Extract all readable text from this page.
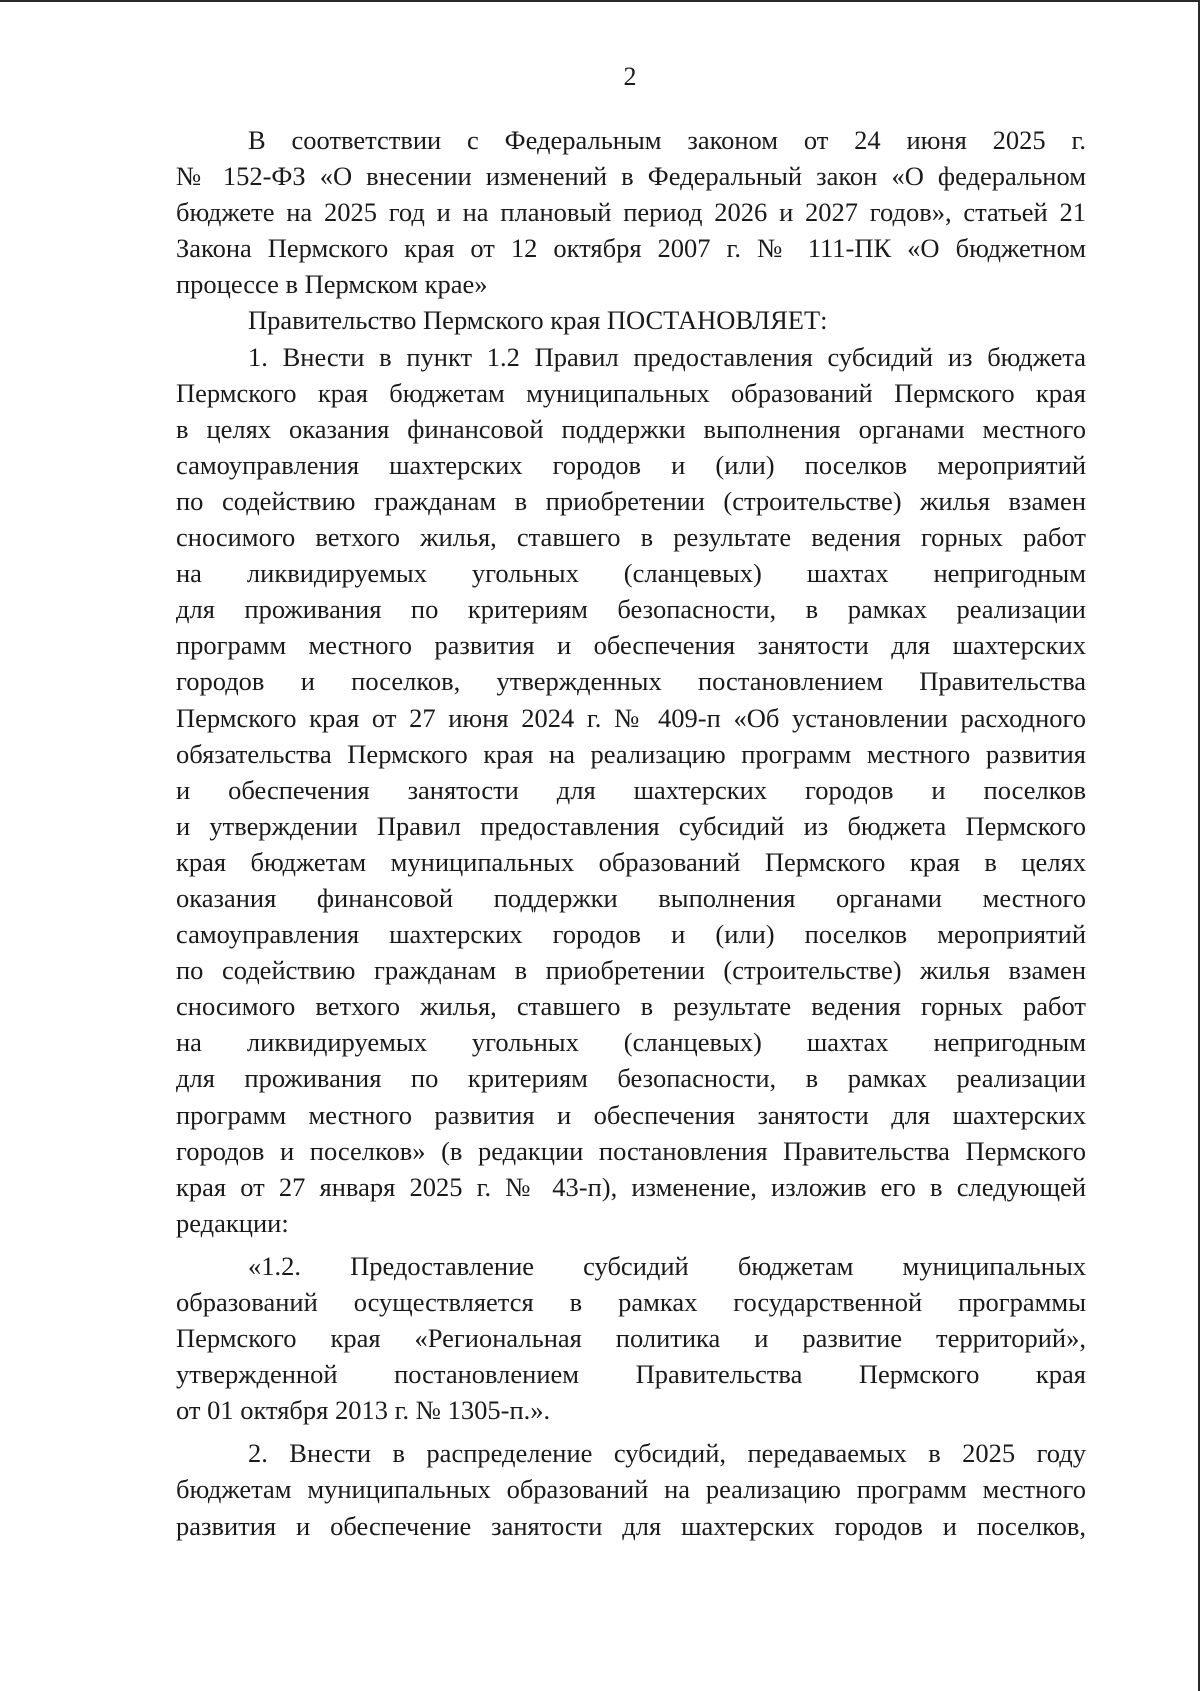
2
В соответствии с Федеральным законом от 24 июня 2025 г.
№ 152-ФЗ «О внесении изменений в Федеральный закон «О федеральном
бюджете на 2025 год и на плановый период 2026 и 2027 годов», статьей 21
Закона Пермского края от 12 октября 2007 г. № 111-ПК «О бюджетном
процессе в Пермском крае»
Правительство Пермского края ПОСТАНОВЛЯЕТ:
1. Внести в пункт 1.2 Правил предоставления субсидий из бюджета
Пермского края бюджетам муниципальных образований Пермского края
в целях оказания финансовой поддержки выполнения органами местного
самоуправления шахтерских городов и (или) поселков мероприятий
по содействию гражданам в приобретении (строительстве) жилья взамен
сносимого ветхого жилья, ставшего в результате ведения горных работ
на ликвидируемых угольных (сланцевых) шахтах непригодным
для проживания по критериям безопасности, в рамках реализации
программ местного развития и обеспечения занятости для шахтерских
городов и поселков, утвержденных постановлением Правительства
Пермского края от 27 июня 2024 г. № 409-п «Об установлении расходного
обязательства Пермского края на реализацию программ местного развития
и обеспечения занятости для шахтерских городов и поселков
и утверждении Правил предоставления субсидий из бюджета Пермского
края бюджетам муниципальных образований Пермского края в целях
оказания финансовой поддержки выполнения органами местного
самоуправления шахтерских городов и (или) поселков мероприятий
по содействию гражданам в приобретении (строительстве) жилья взамен
сносимого ветхого жилья, ставшего в результате ведения горных работ
на ликвидируемых угольных (сланцевых) шахтах непригодным
для проживания по критериям безопасности, в рамках реализации
программ местного развития и обеспечения занятости для шахтерских
городов и поселков» (в редакции постановления Правительства Пермского
края от 27 января 2025 г. № 43-п), изменение, изложив его в следующей
редакции:
«1.2. Предоставление субсидий бюджетам муниципальных
образований осуществляется в рамках государственной программы
Пермского края «Региональная политика и развитие территорий»,
утвержденной постановлением Правительства Пермского края
от 01 октября 2013 г. № 1305-п.».
2. Внести в распределение субсидий, передаваемых в 2025 году
бюджетам муниципальных образований на реализацию программ местного
развития и обеспечение занятости для шахтерских городов и поселков,
